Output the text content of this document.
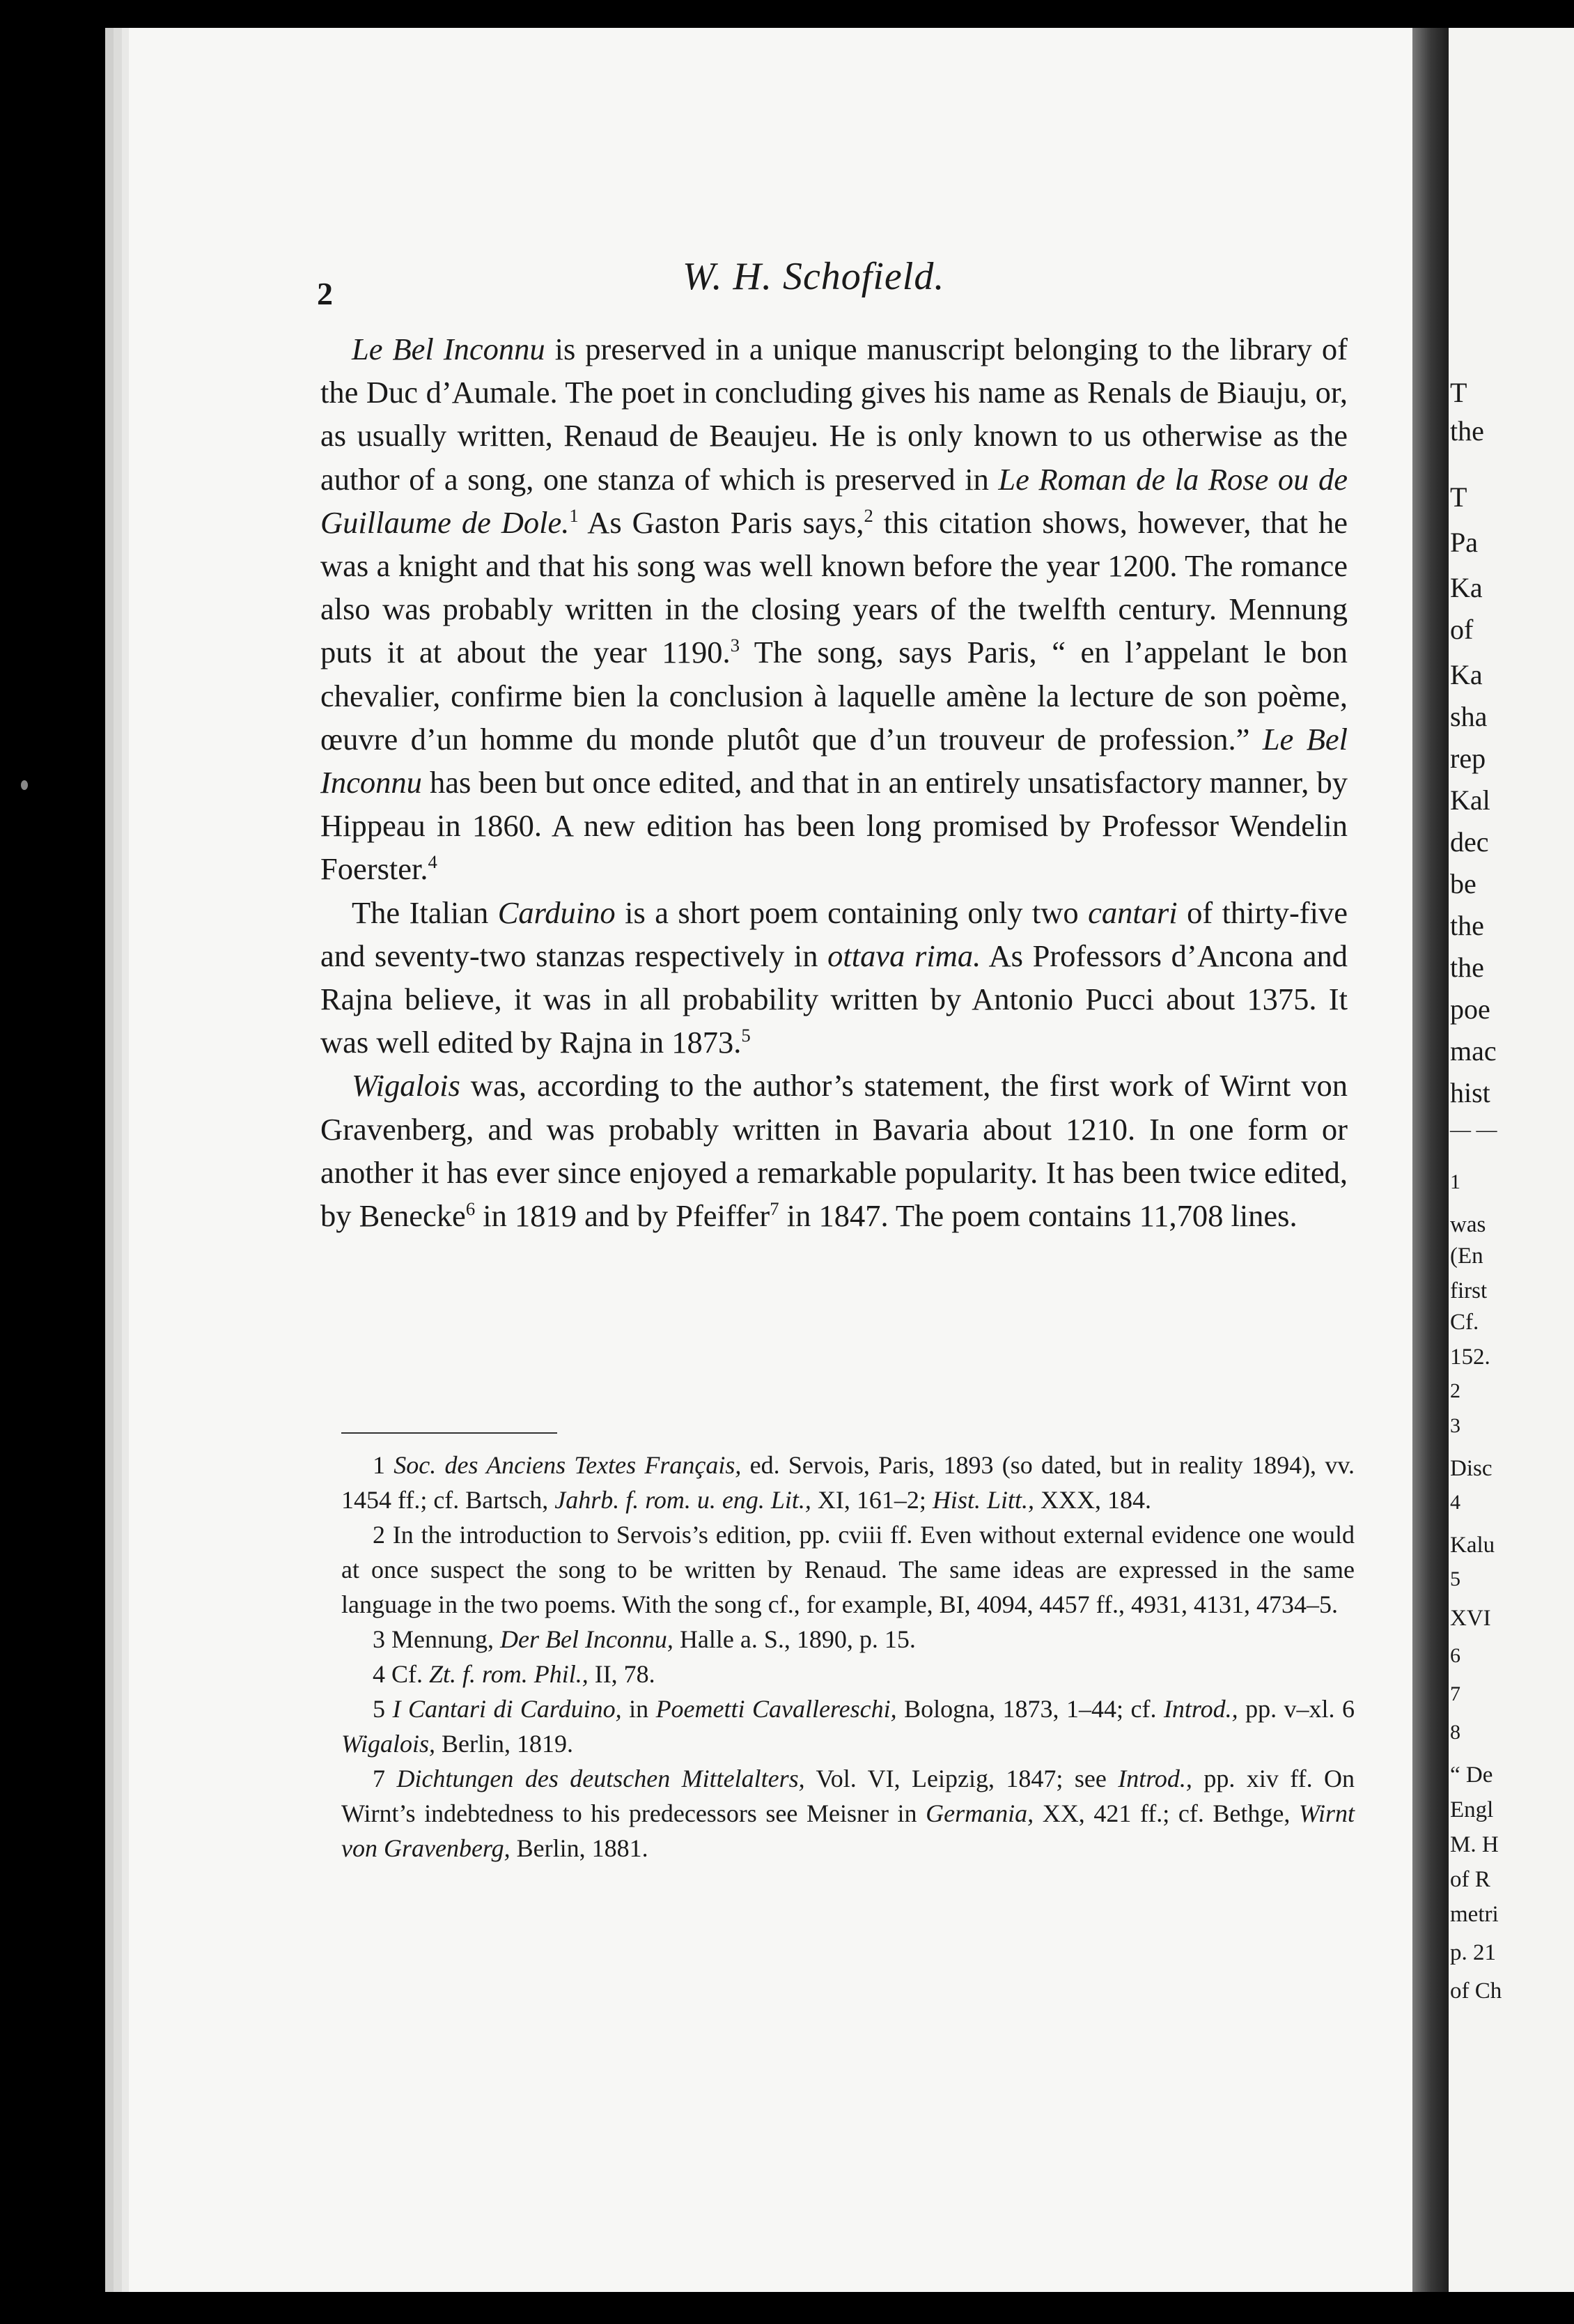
T
the
T
Pa
Ka
of
Ka
sha
rep
Kal
dec
be
the
the
poe
mac
hist
— —
1
was
(En
first
Cf.
152.
2
3
Disc
4
Kalu
5
XVI
6
7
8
“ De
Engl
M. H
of R
metri
p. 21
of Ch
2	W. H. Schofield.

Le Bel Inconnu is preserved in a unique manuscript belonging to the library of the Duc d’Aumale. The poet in concluding gives his name as Renals de Biauju, or, as usually written, Renaud de Beaujeu. He is only known to us otherwise as the author of a song, one stanza of which is preserved in Le Roman de la Rose ou de Guillaume de Dole.$^1$ As Gaston Paris says,$^2$ this citation shows, however, that he was a knight and that his song was well known before the year 1200. The romance also was probably written in the closing years of the twelfth century. Mennung puts it at about the year 1190.$^3$ The song, says Paris, “ en l’appelant le bon chevalier, confirme bien la conclusion à laquelle amène la lecture de son poème, œuvre d’un homme du monde plutôt que d’un trouveur de profession.” Le Bel Inconnu has been but once edited, and that in an entirely unsatisfactory manner, by Hippeau in 1860. A new edition has been long promised by Professor Wendelin Foerster.$^4$

The Italian Carduino is a short poem containing only two cantari of thirty-five and seventy-two stanzas respectively in ottava rima. As Professors d’Ancona and Rajna believe, it was in all probability written by Antonio Pucci about 1375. It was well edited by Rajna in 1873.$^5$

Wigalois was, according to the author’s statement, the first work of Wirnt von Gravenberg, and was probably written in Bavaria about 1210. In one form or another it has ever since enjoyed a remarkable popularity. It has been twice edited, by Benecke$^6$ in 1819 and by Pfeiffer$^7$ in 1847. The poem contains 11,708 lines.

1 Soc. des Anciens Textes Français, ed. Servois, Paris, 1893 (so dated, but in reality 1894), vv. 1454 ff.; cf. Bartsch, Jahrb. f. rom. u. eng. Lit., XI, 161–2; Hist. Litt., XXX, 184.

2 In the introduction to Servois’s edition, pp. cviii ff. Even without external evidence one would at once suspect the song to be written by Renaud. The same ideas are expressed in the same language in the two poems. With the song cf., for example, BI, 4094, 4457 ff., 4931, 4131, 4734–5.

3 Mennung, Der Bel Inconnu, Halle a. S., 1890, p. 15.

4 Cf. Zt. f. rom. Phil., II, 78.

5 I Cantari di Carduino, in Poemetti Cavallereschi, Bologna, 1873, 1–44; cf. Introd., pp. v–xl. 6 Wigalois, Berlin, 1819.

7 Dichtungen des deutschen Mittelalters, Vol. VI, Leipzig, 1847; see Introd., pp. xiv ff. On Wirnt’s indebtedness to his predecessors see Meisner in Germania, XX, 421 ff.; cf. Bethge, Wirnt von Gravenberg, Berlin, 1881.
